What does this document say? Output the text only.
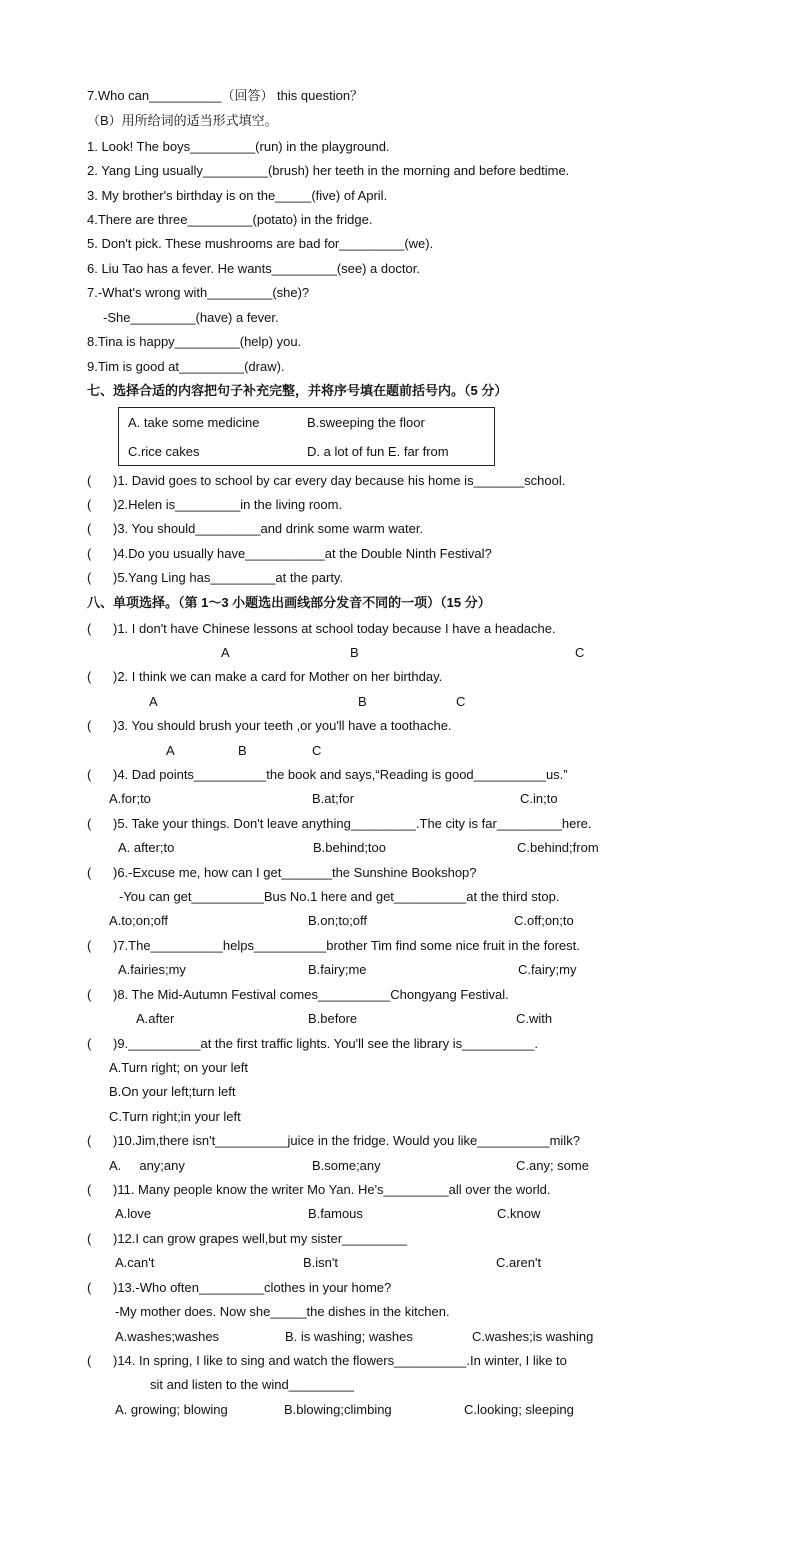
7.Who can__________（回答） this question？
（B）用所给词的适当形式填空。
1. Look! The boys_________(run) in the playground.
2. Yang Ling usually_________(brush) her teeth in the morning and before bedtime.
3. My brother's birthday is on the_____(five) of April.
4.There are three_________(potato) in the fridge.
5. Don't pick. These mushrooms are bad for_________(we).
6. Liu Tao has a fever. He wants_________(see) a doctor.
7.-What's wrong with_________(she)?
-She_________(have) a fever.
8.Tina is happy_________(help) you.
9.Tim is good at_________(draw).
七、选择合适的内容把句子补充完整，并将序号填在题前括号内。（5 分）
A. take some medicine	B.sweeping the floor
C.rice cakes	D. a lot of fun E. far from
(      )1. David goes to school by car every day because his home is_______school.
(      )2.Helen is_________in the living room.
(      )3. You should_________and drink some warm water.
(      )4.Do you usually have___________at the Double Ninth Festival?
(      )5.Yang Ling has_________at the party.
八、单项选择。（第 1～3 小题选出画线部分发音不同的一项）（15 分）
(      )1. I don't have Chinese lessons at school today because I have a headache.
A	B	C
(      )2. I think we can make a card for Mother on her birthday.
A	B	C
(      )3. You should brush your teeth ,or you'll have a toothache.
A	B	C
(      )4. Dad points__________the book and says,“Reading is good__________us.”
A.for;to	B.at;for	C.in;to
(      )5. Take your things. Don't leave anything_________.The city is far_________here.
A. after;to	B.behind;too	C.behind;from
(      )6.-Excuse me, how can I get_______the Sunshine Bookshop?
-You can get__________Bus No.1 here and get__________at the third stop.
A.to;on;off	B.on;to;off	C.off;on;to
(      )7.The__________helps__________brother Tim find some nice fruit in the forest.
A.fairies;my	B.fairy;me	C.fairy;my
(      )8. The Mid-Autumn Festival comes__________Chongyang Festival.
A.after	B.before	C.with
(      )9.__________at the first traffic lights. You'll see the library is__________.
A.Turn right; on your left
B.On your left;turn left
C.Turn right;in your left
(      )10.Jim,there isn't__________juice in the fridge. Would you like__________milk?
A.     any;any	B.some;any	C.any; some
(      )11. Many people know the writer Mo Yan. He's_________all over the world.
A.love	B.famous	C.know
(      )12.I can grow grapes well,but my sister_________
A.can't	B.isn't	C.aren't
(      )13.-Who often_________clothes in your home?
-My mother does. Now she_____the dishes in the kitchen.
A.washes;washes	B. is washing; washes	C.washes;is washing
(      )14. In spring, I like to sing and watch the flowers__________.In winter, I like to
sit and listen to the wind_________
A. growing; blowing	B.blowing;climbing	C.looking; sleeping
